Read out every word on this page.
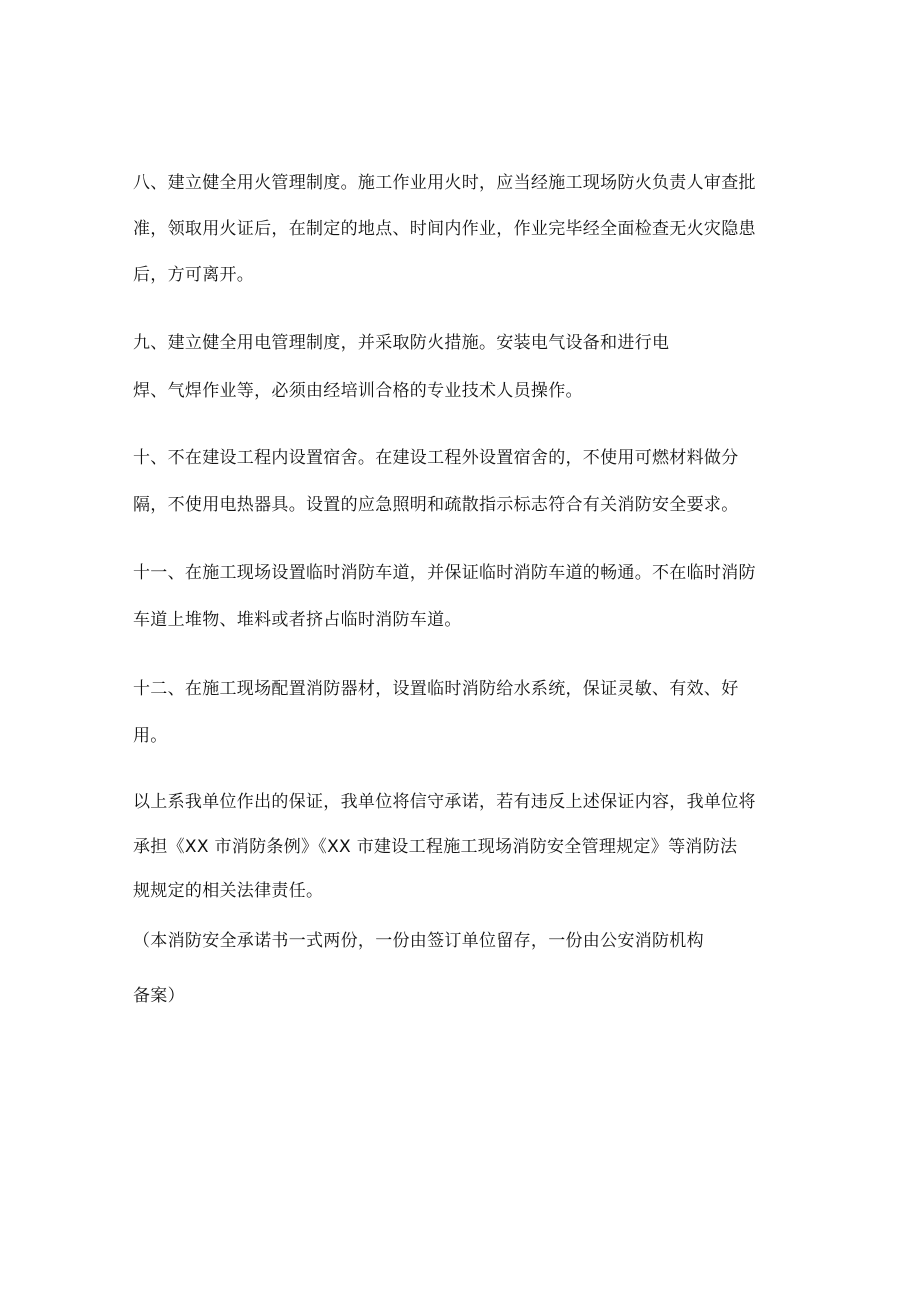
八、建立健全用火管理制度。施工作业用火时，应当经施工现场防火负责人审查批
准，领取用火证后，在制定的地点、时间内作业，作业完毕经全面检查无火灾隐患
后，方可离开。
九、建立健全用电管理制度，并采取防火措施。安装电气设备和进行电
焊、气焊作业等，必须由经培训合格的专业技术人员操作。
十、不在建设工程内设置宿舍。在建设工程外设置宿舍的，不使用可燃材料做分
隔，不使用电热器具。设置的应急照明和疏散指示标志符合有关消防安全要求。
十一、在施工现场设置临时消防车道，并保证临时消防车道的畅通。不在临时消防
车道上堆物、堆料或者挤占临时消防车道。
十二、在施工现场配置消防器材，设置临时消防给水系统，保证灵敏、有效、好
用。
以上系我单位作出的保证，我单位将信守承诺，若有违反上述保证内容，我单位将
承担《XX 市消防条例》《XX 市建设工程施工现场消防安全管理规定》等消防法
规规定的相关法律责任。
（本消防安全承诺书一式两份，一份由签订单位留存，一份由公安消防机构
备案）
